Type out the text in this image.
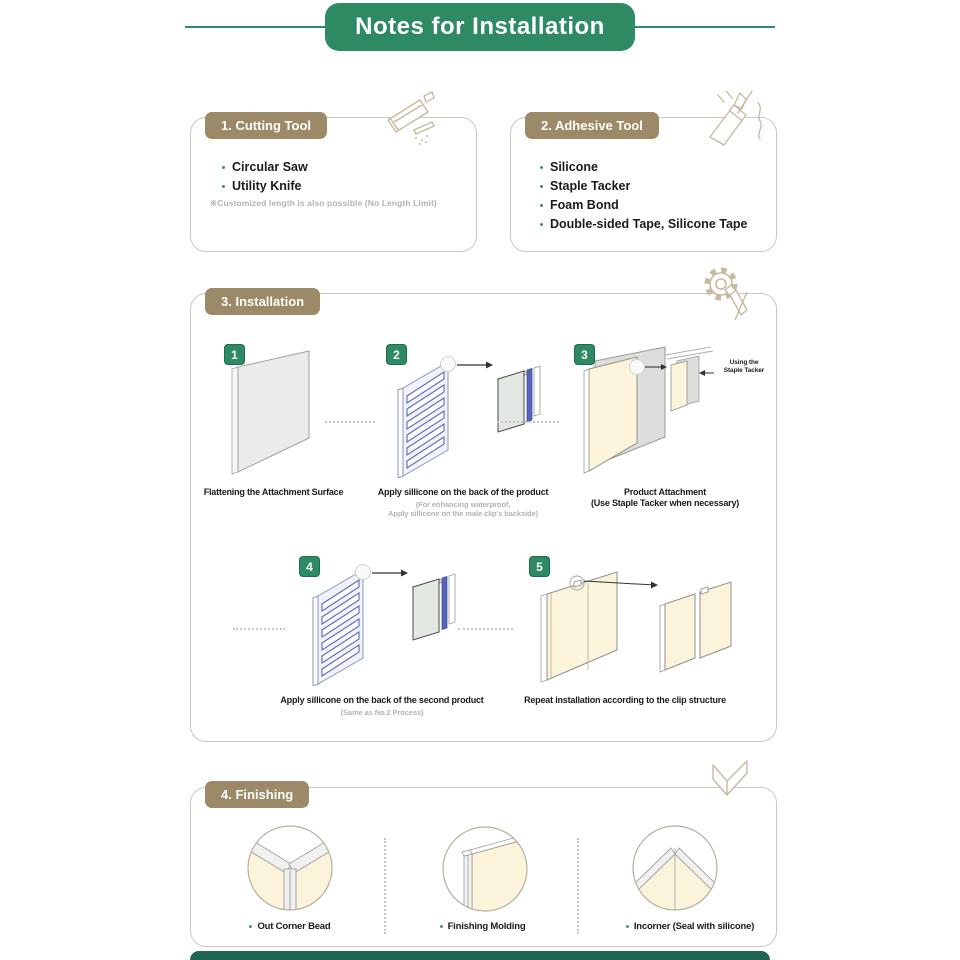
Notes for Installation
1. Cutting Tool
Circular Saw
Utility Knife
※Customized length is also possible (No Length Limit)
2. Adhesive Tool
Silicone
Staple Tacker
Foam Bond
Double-sided Tape, Silicone Tape
3. Installation
1	2	3
4	5
Using the
Staple Tacker
Flattening the Attachment Surface	Apply sillicone on the back of the product
(For enhancing waterproof,
Apply sillicone on the male clip's backside)
Product Attachment
(Use Staple Tacker when necessary)
Apply sillicone on the back of the second product
(Same as No.2 Process)
Repeat installation according to the clip structure
4. Finishing
Out Corner Bead	Finishing Molding	Incorner (Seal with silicone)
